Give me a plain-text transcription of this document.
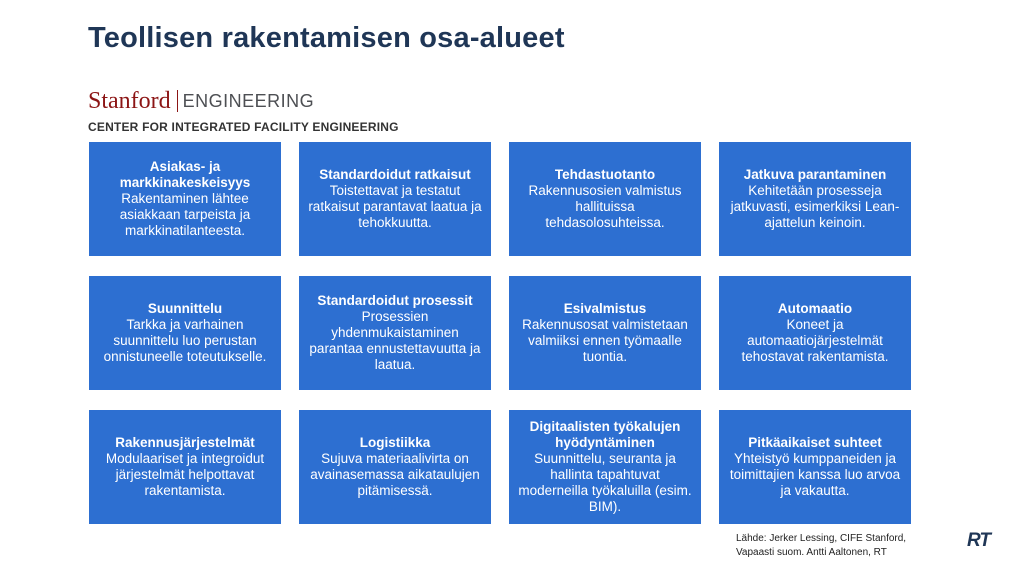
Teollisen rakentamisen osa-alueet
Stanford ENGINEERING
CENTER FOR INTEGRATED FACILITY ENGINEERING
Asiakas- ja markkinakeskeisyys
Rakentaminen lähtee asiakkaan tarpeista ja markkinatilanteesta.
Standardoidut ratkaisut
Toistettavat ja testatut ratkaisut parantavat laatua ja tehokkuutta.
Tehdastuotanto
Rakennusosien valmistus hallituissa tehdasolosuhteissa.
Jatkuva parantaminen
Kehitetään prosesseja jatkuvasti, esimerkiksi Lean-ajattelun keinoin.
Suunnittelu
Tarkka ja varhainen suunnittelu luo perustan onnistuneelle toteutukselle.
Standardoidut prosessit
Prosessien yhdenmukaistaminen parantaa ennustettavuutta ja laatua.
Esivalmistus
Rakennusosat valmistetaan valmiiksi ennen työmaalle tuontia.
Automaatio
Koneet ja automaatiojärjestelmät tehostavat rakentamista.
Rakennusjärjestelmät
Modulaariset ja integroidut järjestelmät helpottavat rakentamista.
Logistiikka
Sujuva materiaalivirta on avainasemassa aikataulujen pitämisessä.
Digitaalisten työkalujen hyödyntäminen
Suunnittelu, seuranta ja hallinta tapahtuvat moderneilla työkaluilla (esim. BIM).
Pitkäaikaiset suhteet
Yhteistyö kumppaneiden ja toimittajien kanssa luo arvoa ja vakautta.
Lähde: Jerker Lessing, CIFE Stanford,
Vapaasti suom. Antti Aaltonen, RT
RT
